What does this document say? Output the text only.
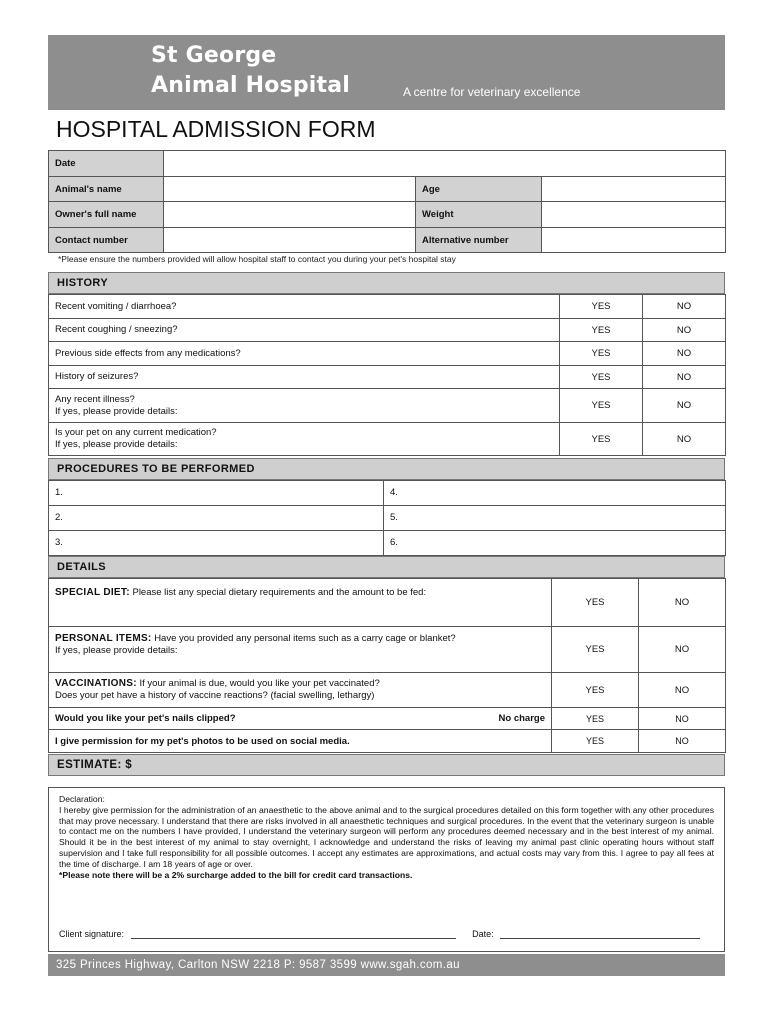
St George
Animal Hospital	A centre for veterinary excellence
HOSPITAL ADMISSION FORM
Date			
Animal's name		Age	
Owner's full name		Weight	
Contact number		Alternative number	
*Please ensure the numbers provided will allow hospital staff to contact you during your pet's hospital stay
HISTORY
Recent vomiting / diarrhoea?	YES	NO
Recent coughing / sneezing?	YES	NO
Previous side effects from any medications?	YES	NO
History of seizures?	YES	NO

Any recent illness?
If yes, please provide details:	YES	NO

Is your pet on any current medication?
If yes, please provide details:	YES	NO
PROCEDURES TO BE PERFORMED
1.	4.
2.	5.
3.	6.
DETAILS
SPECIAL DIET: Please list any special dietary requirements and the amount to be fed:	YES	NO

PERSONAL ITEMS: Have you provided any personal items such as a carry cage or blanket?
If yes, please provide details:	YES	NO

VACCINATIONS: If your animal is due, would you like your pet vaccinated?
Does your pet have a history of vaccine reactions? (facial swelling, lethargy)	YES	NO
Would you like your pet's nails clipped? No charge	YES	NO
I give permission for my pet's photos to be used on social media.	YES	NO
ESTIMATE: $

Declaration:

I hereby give permission for the administration of an anaesthetic to the above animal and to the surgical procedures detailed on this form together with any other procedures that may prove necessary. I understand that there are risks involved in all anaesthetic techniques and surgical procedures. In the event that the veterinary surgeon is unable to contact me on the numbers I have provided, I understand the veterinary surgeon will perform any procedures deemed necessary and in the best interest of my animal. Should it be in the best interest of my animal to stay overnight, I acknowledge and understand the risks of leaving my animal past clinic operating hours without staff supervision and I take full responsibility for all possible outcomes. I accept any estimates are approximations, and actual costs may vary from this. I agree to pay all fees at the time of discharge. I am 18 years of age or over.

*Please note there will be a 2% surcharge added to the bill for credit card transactions.

Client signature:	Date:
325 Princes Highway, Carlton NSW 2218 P: 9587 3599 www.sgah.com.au
